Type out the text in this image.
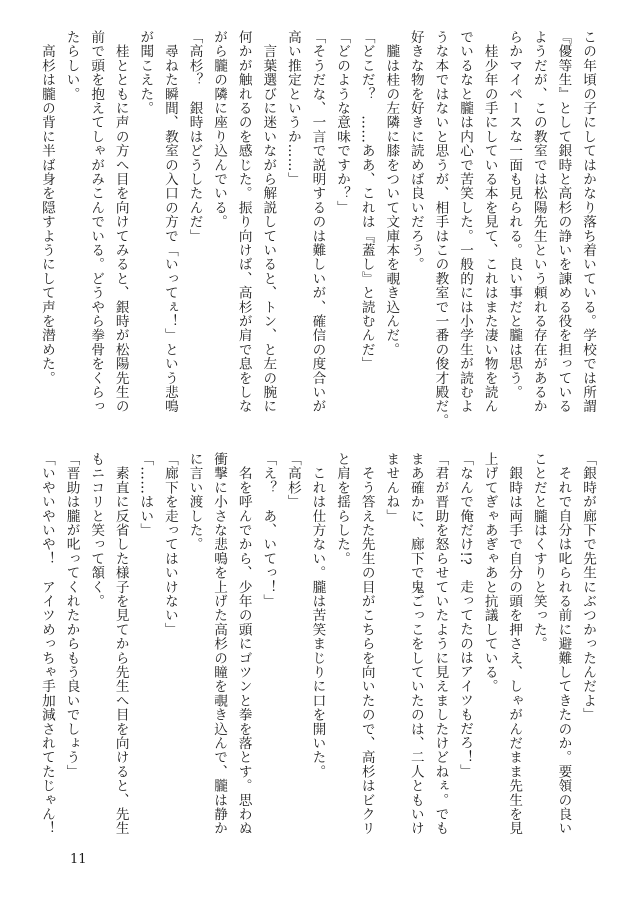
この年頃の子にしてはかなり落ち着いている。学校では所謂
『優等生』として銀時と高杉の諍いを諌める役を担っている
ようだが、この教室では松陽先生という頼れる存在があるか
らかマイペースな一面も見られる。良い事だと朧は思う。
　桂少年の手にしている本を見て、これはまた凄い物を読ん
でいるなと朧は内心で苦笑した。一般的には小学生が読むよ
うな本ではないと思うが、相手はこの教室で一番の俊才殿だ。
好きな物を好きに読めば良いだろう。
　朧は桂の左隣に膝をついて文庫本を覗き込んだ。
「どこだ？　……ああ、これは『蓋し』と読むんだ」
「どのような意味ですか？」
「そうだな、一言で説明するのは難しいが、確信の度合いが
高い推定というか……」
　言葉選びに迷いながら解説していると、トン、と左の腕に
何かが触れるのを感じた。振り向けば、高杉が肩で息をしな
がら朧の隣に座り込んでいる。
「高杉？　銀時はどうしたんだ」
　尋ねた瞬間、教室の入口の方で「いってぇ！」という悲鳴
が聞こえた。
　桂とともに声の方へ目を向けてみると、銀時が松陽先生の
前で頭を抱えてしゃがみこんでいる。どうやら拳骨をくらっ
たらしい。
　高杉は朧の背に半ば身を隠すようにして声を潜めた。
「銀時が廊下で先生にぶつかったんだよ」
　それで自分は叱られる前に避難してきたのか。要領の良い
ことだと朧はくすりと笑った。
　銀時は両手で自分の頭を押さえ、しゃがんだまま先生を見
上げてぎゃあぎゃあと抗議している。
「なんで俺だけ!?　走ってたのはアイツもだろ！」
「君が晋助を怒らせていたように見えましたけどねぇ。でも
まあ確かに、廊下で鬼ごっこをしていたのは、二人ともいけ
ませんね」
　そう答えた先生の目がこちらを向いたので、高杉はビクリ
と肩を揺らした。
　これは仕方ない。朧は苦笑まじりに口を開いた。
「高杉」
「え？　あ、いてっ！」
　名を呼んでから、少年の頭にゴツンと拳を落とす。思わぬ
衝撃に小さな悲鳴を上げた高杉の瞳を覗き込んで、朧は静か
に言い渡した。
「廊下を走ってはいけない」
「……はい」
　素直に反省した様子を見てから先生へ目を向けると、先生
もニコリと笑って頷く。
「晋助は朧が叱ってくれたからもう良いでしょう」
「いやいやいや！　アイツめっちゃ手加減されてたじゃん！
11
